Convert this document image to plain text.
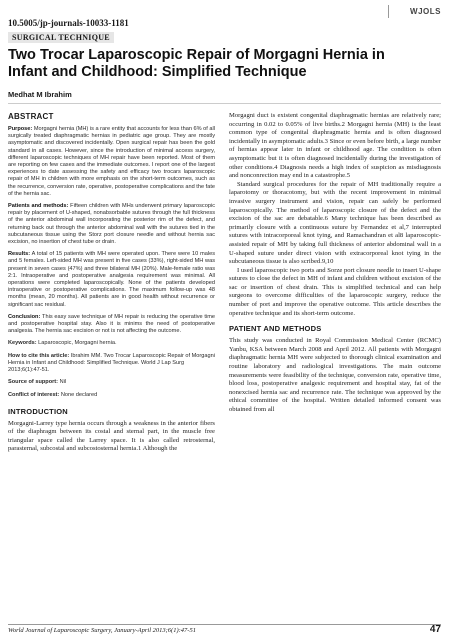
WJOLS
10.5005/jp-journals-10033-1181
SURGICAL TECHNIQUE
Two Trocar Laparoscopic Repair of Morgagni Hernia in Infant and Childhood: Simplified Technique
Medhat M Ibrahim
ABSTRACT

Purpose: Morgagni hernia (MH) is a rare entity that accounts for less than 6% of all surgically treated diaphragmatic hernias in pediatric age group. They are mostly asymptomatic and discovered incidentally. Open surgical repair has been the gold standard in all cases. However, since the introduction of minimal access surgery, different laparoscopic techniques of MH repair have been reported. Most of them are reporting on few cases and the immediate outcomes. I report one of the largest experiences to date assessing the safety and efficacy two trocars laparoscopic repair of MH in children with more emphasis on the short-term outcomes, such as the recurrence, conversion rate, operative, postoperative complications and the fate of the hernia sac.

Patients and methods: Fifteen children with MHs underwent primary laparoscopic repair by placement of U-shaped, nonabsorbable sutures through the full thickness of the anterior abdominal wall incorporating the posterior rim of the defect, and returning back out through the anterior abdominal wall with the sutures tied in the subcutaneous tissue using the Storz port closure needle and without hernia sac excision, no insertion of chest tube or drain.

Results: A total of 15 patients with MH were operated upon. There were 10 males and 5 females. Left-sided MH was present in five cases (33%), right-sided MH was present in seven cases (47%) and three bilateral MH (20%). Male-female ratio was 2:1. Intraoperative and postoperative analgesia requirement was minimal. All operations were completed laparoscopically. None of the patients developed intraoperative or postoperative complications. The maximum follow-up was 48 months (mean, 20 months). All patients are in good health without recurrence or significant sac residual.

Conclusion: This easy save technique of MH repair is reducing the operative time and postoperative hospital stay. Also it is minims the need of postoperative analgesia. The hernia sac excision or not is not affecting the outcome.

Keywords: Laparoscopic, Morgagni hernia.

How to cite this article: Ibrahim MM. Two Trocar Laparoscopic Repair of Morgagni Hernia in Infant and Childhood: Simplified Technique. World J Lap Surg 2013;6(1):47-51.

Source of support: Nil

Conflict of interest: None declared

INTRODUCTION

Morgagni-Larrey type hernia occurs through a weakness in the anterior fibers of the diaphragm between its costal and sternal part, in the muscle free triangular space called the Larrey space. It is also called retrosternal, parasternal, subcostal and subcostosternal hernia.1 Although the

Morgagni duct is existent congenital diaphragmatic hernias are relatively rare; occurring in 0.02 to 0.05% of live births.2 Morgagni hernia (MH) is the least common type of congenital diaphragmatic hernia and is often diagnosed incidentally in asymptomatic adults.3 Since or even before birth, a large number of hernias appear later in infant or childhood age. The condition is often asymptomatic but it is often diagnosed incidentally during the investigation of other conditions.4 Diagnosis needs a high index of suspicion as misdiagnosis and nonconrection may end in a catastrophe.5

Standard surgical procedures for the repair of MH traditionally require a laparotomy or thoracotomy, but with the recent improvement in minimal invasive surgery instrument and vision, repair can safely be performed laparoscopically. The method of laparoscopic closure of the defect and the excision of the sac are debatable.6 Many technique has been described as primarily closure with a continuous suture by Fernandez et al,7 interrupted sutures with intracorporeal knot tying, and Ramachandran et al8 laparoscopic-assisted repair of MH by taking full thickness of anterior abdominal wall in a U-shaped suture under direct vision with extracorporeal knot tying in the subcutaneous tissue is also scribed.9,10

I used laparoscopic two ports and Sorze port closure needle to insert U-shape sutures to close the defect in MH of infant and children without excision of the sac or insertion of chest drain. This is simplified technical and can help surgeons to overcome difficulties of the laparoscopic surgery, reduce the number of port and improve the operative outcome. This article describes the operative technique and its short-term outcome.

PATIENT AND METHODS

This study was conducted in Royal Commission Medical Center (RCMC) Yanbu, KSA between March 2008 and April 2012. All patients with Morgagni diaphragmatic hernia MH were subjected to thorough clinical examination and routine laboratory and radiological investigations. The main outcome measurements were feasibility of the technique, conversion rate, operative time, blood loss, postoperative analgesic requirement and hospital stay, fat of the nonexcised hernia sac and recurrence rate. The technique was approved by the ethical committee of the hospital. Written detailed informed consent was obtained from all

World Journal of Laparoscopic Surgery, January-April 2013;6(1):47-51	47
